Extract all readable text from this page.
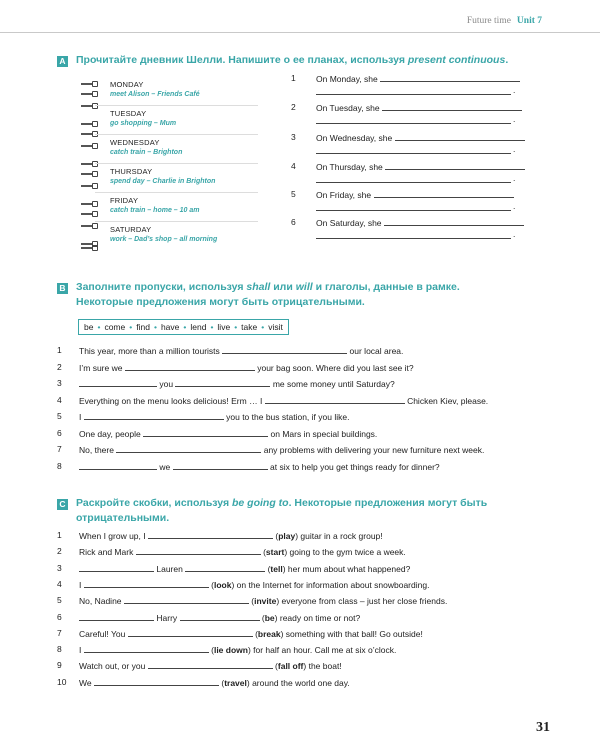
Future time Unit 7
A Прочитайте дневник Шелли. Напишите о ее планах, используя present continuous.
MONDAY
meet Alison – Friends Café
TUESDAY
go shopping – Mum
WEDNESDAY
catch train – Brighton
THURSDAY
spend day – Charlie in Brighton
FRIDAY
catch train – home – 10 am
SATURDAY
work – Dad’s shop – all morning
1 On Monday, she
.
2 On Tuesday, she
.
3 On Wednesday, she
.
4 On Thursday, she
.
5 On Friday, she
.
6 On Saturday, she
.
B Заполните пропуски, используя shall или will и глаголы, данные в рамке.
Некоторые предложения могут быть отрицательными.
be • come • find • have • lend • live • take • visit
1	This year, more than a million tourists	our local area.
2	I’m sure we	your bag soon. Where did you last see it?
3	you	me some money until Saturday?
4	Everything on the menu looks delicious! Erm … I	Chicken Kiev, please.
5	I	you to the bus station, if you like.
6	One day, people	on Mars in special buildings.
7	No, there	any problems with delivering your new furniture next week.
8	we	at six to help you get things ready for dinner?
C Раскройте скобки, используя be going to. Некоторые предложения могут быть
отрицательными.
1	When I grow up, I	(play) guitar in a rock group!
2	Rick and Mark	(start) going to the gym twice a week.
3	Lauren	(tell) her mum about what happened?
4	I	(look) on the Internet for information about snowboarding.
5	No, Nadine	(invite) everyone from class – just her close friends.
6	Harry	(be) ready on time or not?
7	Careful! You	(break) something with that ball! Go outside!
8	I	(lie down) for half an hour. Call me at six o’clock.
9	Watch out, or you	(fall off) the boat!
10	We	(travel) around the world one day.
31
